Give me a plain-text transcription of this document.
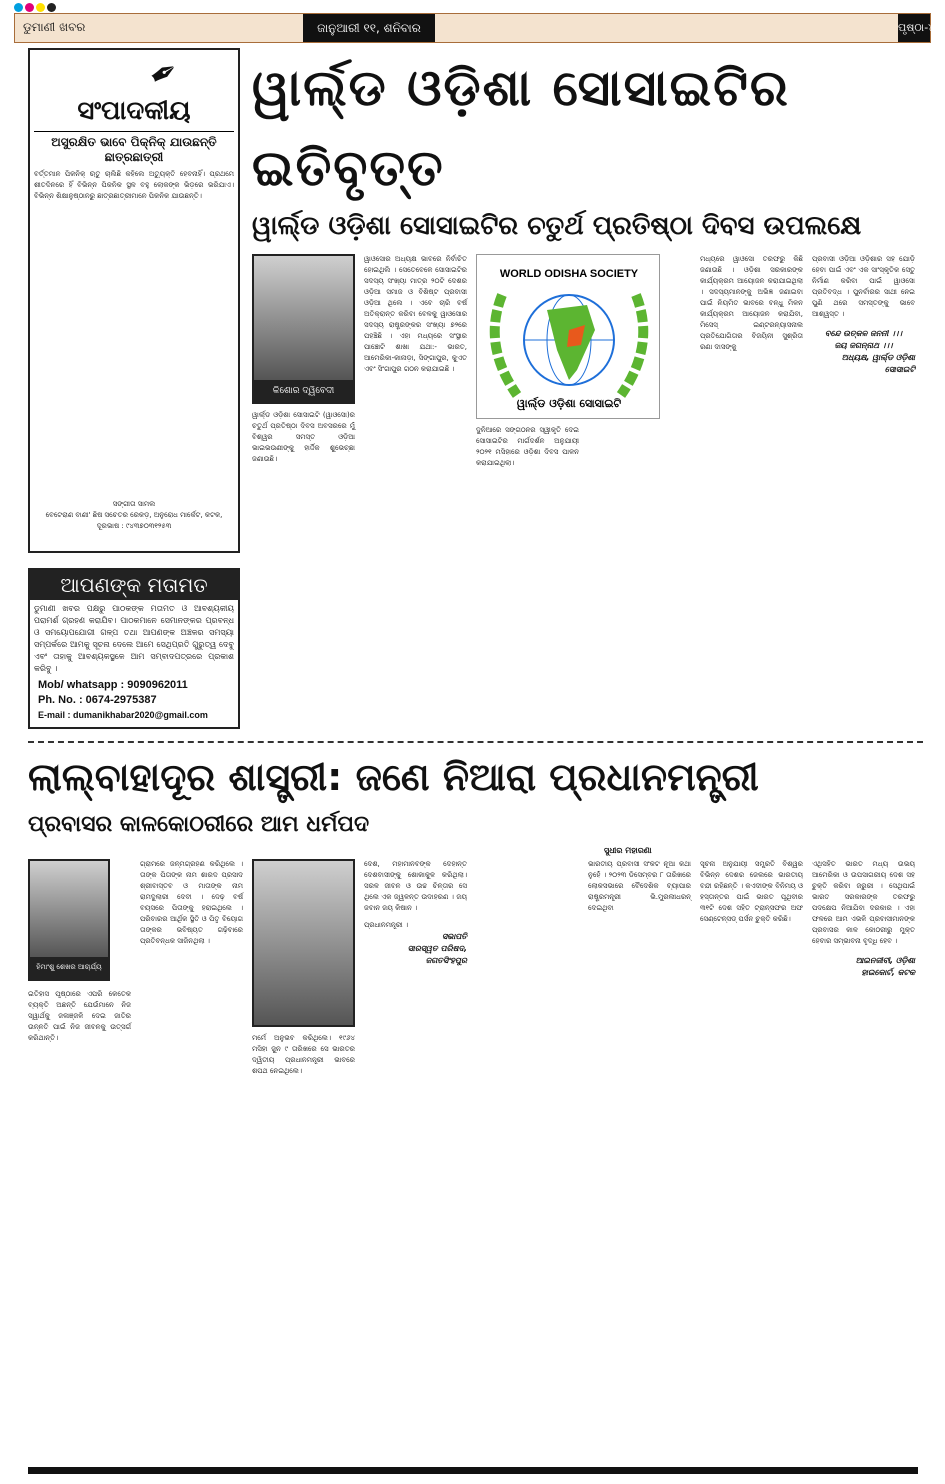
ଡୁମାଣୀ ଖବର	ଜାନୁଆରୀ ୧୧, ଶନିବାର ୨୦୨୫
ପୃଷ୍ଠା-୪
✒
ସଂପାଦକୀୟ
ଅସୁରକ୍ଷିତ ଭାବେ ପିକ୍‌ନିକ୍ ଯାଉଛନ୍ତି ଛାତ୍ରଛାତ୍ରୀ
ବର୍ତ୍ତମାନ ପିକନିକ୍ ଋତୁ ଚାଲିଛି କହିଲେ ଅତ୍ୟୁକ୍ତି ହେବନାହିଁ। ପ୍ରଥମେ ଶୀତଦିନରେ ହିଁ ବିଭିନ୍ନ ପିକନିକ ସ୍ଥଳ ବହୁ ଲୋକଙ୍କ ଭିଡ଼ରେ ଭରିଯାଏ। ବିଭିନ୍ନ ଶିକ୍ଷାନୁଷ୍ଠାନରୁ ଛାତ୍ରଛାତ୍ରୀମାନେ ପିକନିକ ଯାଉଛନ୍ତି।
ସଙ୍ଗୀତା ସାମଲ
ବେଟେରାଣ ବାଣୀ' ଛିଷ ସଚେତର ରେକଡ଼, ଅନୁରୋଧ ମାର୍କେଟ, କଟକ, ଦୂରଭାଷ : ୯୪୩୭୦୩୧୨୫୩
ଆପଣଙ୍କ ମତାମତ
ଡୁମାଣୀ ଖବର ପକ୍ଷରୁ ପାଠକଙ୍କ ମତାମତ ଓ ଆବଶ୍ୟକୀୟ ପରାମର୍ଶ ଗ୍ରହଣ କରାଯିବ। ପାଠକମାନେ ସେମାନଙ୍କର ପ୍ରବନ୍ଧ ଓ ସମୟୋପଯୋଗୀ ଗଳ୍ପ ତଥା ଆପଣଙ୍କ ଅଞ୍ଚଳର ସମସ୍ୟା ସମ୍ପର୍କରେ ଆମକୁ ସୂଚନା ଦେଲେ ଆମେ ସେଥିପ୍ରତି ଗୁରୁତ୍ୱ ଦେବୁ ଏବଂ ତାହାକୁ ଆବଶ୍ୟକସ୍ଥଳେ ଆମ ସମ୍ବାଦପତ୍ରରେ ପ୍ରକାଶ କରିବୁ ।
Mob/ whatsapp : 9090962011
Ph. No. : 0674-2975387
E-mail : dumanikhabar2020@gmail.com
ୱାର୍ଲ୍ଡ ଓଡ଼ିଶା ସୋସାଇଟିର ଇତିବୃତ୍ତ
ୱାର୍ଲ୍ଡ ଓଡ଼ିଶା ସୋସାଇଟିର ଚତୁର୍ଥ ପ୍ରତିଷ୍ଠା ଦିବସ ଉପଲକ୍ଷେ
କିଶୋର ଦ୍ୱିବେଦୀ
ୱାର୍ଲ୍ଡ ଓଡ଼ିଶା ସୋସାଇଟି (ୱାଓସୋ)ର ଚତୁର୍ଥ ପ୍ରତିଷ୍ଠା ଦିବସ ଅବସରରେ ମୁଁ ବିଶ୍ୱର ସମସ୍ତ ଓଡ଼ିଆ ଭାଇଭଉଣୀଙ୍କୁ ହାର୍ଦ୍ଦିକ ଶୁଭେଚ୍ଛା ଜଣାଉଛି।
ୱାଓସୋର ଅଧ୍ୟକ୍ଷ ଭାବରେ ନିର୍ବାଚିତ ହୋଇଥିଲି । ସେତେବେଳେ ସୋସାଇଟିର ସଦସ୍ୟ ସଂଖ୍ୟା ମାତ୍ର ୨୦ଟି ଦେଶର ଓଡ଼ିଆ ସମାଜ ଓ ବିଶିଷ୍ଟ ପ୍ରବାସୀ ଓଡ଼ିଆ ଥିଲେ । ଏବେ ଚାରି ବର୍ଷ ଅତିକ୍ରାନ୍ତ କରିବା ବେଳକୁ ୱାଓସୋର ସଦସ୍ୟ ରାଷ୍ଟ୍ରଙ୍କର ସଂଖ୍ୟା ୭୨ରେ ପହଞ୍ଚିଛି । ଏହା ମଧ୍ୟରେ ସଂସ୍ଥାର ପାଞ୍ଚୋଟି ଶାଖା ଯଥା:- ଭାରତ, ଆମେରିକା-କାନାଡ଼ା, ସିଙ୍ଗାପୁର, କୁଏତ ଏବଂ ସିଂଗାପୁର ଗଠନ କରାଯାଇଛି ।
WORLD ODISHA SOCIETY
ୱାର୍ଲ୍ଡ ଓଡ଼ିଶା ସୋସାଇଟି
ଦୁନିଆରେ ସଙ୍ଗଠନର ସ୍ୱୀକୃତି ଦେଇ ସୋସାଇଟିର ମାର୍ଗଦର୍ଶନ ଅନୁଯାୟୀ ୨୦୨୧ ମସିହାରେ ଓଡ଼ିଶା ଦିବସ ପାଳନ କରାଯାଇଥିଲା।
ମଧ୍ୟରେ ୱାଓସୋ ତରଫରୁ କିଛି ଜଣାଉଛି । ଓଡ଼ିଶା ସରକାରଙ୍କ କାର୍ଯ୍ୟକ୍ରମ ଆୟୋଜନ କରାଯାଇଥିଲା । ସଦସ୍ୟମାନଙ୍କୁ ଅଭିଜ୍ଞ ଜଣାଇବା ପାଇଁ ନିୟମିତ ଭାବରେ ବନ୍ଧୁ ମିଳନ କାର୍ଯ୍ୟକ୍ରମ ଆୟୋଜନ କରାଯିବା, ମିସେସ୍ ଇଣ୍ଟରନ୍ୟାସନାଲ ପ୍ରତିଯୋଗିତାର ବିଜୟିନୀ ସୁଶ୍ରିତା ରଣା ଦାସଙ୍କୁ
ପ୍ରବାସୀ ଓଡ଼ିଆ ଓଡ଼ିଶାର ସହ ଯୋଡ଼ି ହେବା ପାଇଁ ଏବଂ ଏକ ସାଂସ୍କୃତିକ ସେତୁ ନିର୍ମାଣ କରିବା ପାଇଁ ୱାଓସୋ ପ୍ରତିବଦ୍ଧ । ପୁନର୍ବାରର ସାଥୀ ନେଇ ପୁଣି ଥରେ ସମସ୍ତଙ୍କୁ ଭାବେ ଆଶ୍ୱସ୍ତ ।
ବନ୍ଦେ ଉତ୍କଳ ଜନନୀ ।।।
ଜୟ ଜଗନ୍ନାଥ ।।।
ଅଧ୍ୟକ୍ଷ, ୱାର୍ଲ୍ଡ ଓଡ଼ିଶା
ସୋସାଇଟି
ଲାଲ୍‌ବାହାଦୂର ଶାସ୍ତ୍ରୀ: ଜଣେ ନିଆରା ପ୍ରଧାନମନ୍ତ୍ରୀ
ପ୍ରବାସର କାଳକୋଠରୀରେ ଆମ ଧର୍ମପଦ
ସୁଧୀର ମହାରଣା
ହିମାଂଶୁ ଶେଖର ଆଚାର୍ଯ୍ୟ
ଇତିହାସ ପୃଷ୍ଠାରେ ଏପରି କେତେକ ବ୍ୟକ୍ତି ଅଛନ୍ତି ଯେଉଁମାନେ ନିଜ ସ୍ୱାର୍ଥକୁ ଜଳାଞ୍ଜଳି ଦେଇ ଜାତିର ଉନ୍ନତି ପାଇଁ ନିଜ ଜୀବନକୁ ଉତ୍ସର୍ଗ କରିଥାନ୍ତି।
ଗ୍ରାମରେ ଜନ୍ମଗ୍ରହଣ କରିଥିଲେ । ତାଙ୍କ ପିତାଙ୍କ ନାମ ଶାରଦ ପ୍ରସାଦ ଶ୍ରୀବାସ୍ତବ ଓ ମାତାଙ୍କ ନାମ ରାମଦୁଲାରୀ ଦେବୀ । ଦେଢ଼ ବର୍ଷ ବୟସରେ ପିତାଙ୍କୁ ହରାଇଥିଲେ । ପରିବାରର ଆର୍ଥିକ ସ୍ଥିତି ଓ ପିତୃ ବିୟୋଗ ତାଙ୍କର ଭବିଷ୍ୟତ ଗଢ଼ିବାରେ ପ୍ରତିବନ୍ଧକ ସାଜିନଥିଲା ।
ମର୍ମେ ଅନୁଭବ କରିଥିଲେ। ୧୯୬୪ ମସିହା ଜୁନ ୯ ତାରିଖରେ ସେ ଭାରତର ଦ୍ୱିତୀୟ ପ୍ରଧାନମନ୍ତ୍ରୀ ଭାବରେ ଶପଥ ନେଇଥିଲେ।
ଦେଶ, ମହାମାନବଙ୍କ ଦେହାନ୍ତ ଦେଶବାସୀଙ୍କୁ ଶୋକାକୁଳ କରିଥିଲା। ସରଳ ଜୀବନ ଓ ଉଚ୍ଚ ଚିନ୍ତାର ସେ ଥିଲେ ଏକ ଜ୍ୱଳନ୍ତ ଉଦାହରଣ । ଜୟ ଜବାନ ଜୟ କିଷାନ ।
ପ୍ରଧାନମନ୍ତ୍ରୀ ।
ସଭାପତି
ସାରସ୍ୱତ ପରିଷଦ,
ଜଗତସିଂହପୁର
ଭାରତୀୟ ପ୍ରବାସୀ ସଂକଟ ନୂଆ କଥା ନୁହେଁ । ୨୦୨୩ ଡିସେମ୍ବର ୮ ତାରିଖରେ ଲୋକସଭାରେ ବୈଦେଶିକ ବ୍ୟାପାର ରାଷ୍ଟ୍ରମନ୍ତ୍ରୀ ଭି.ମୁରଲୀଧରନ୍ ଦେଇଥିବା
ସୂଚନା ଅନୁଯାୟୀ ସମ୍ପ୍ରତି ବିଶ୍ୱର ବିଭିନ୍ନ ଦେଶର ଜେଲରେ ଭାରତୀୟ ବନ୍ଦୀ ରହିଛନ୍ତି । କଏଦୀଙ୍କ ବିନିମୟ ଓ ହସ୍ତାନ୍ତର ପାଇଁ ଭାରତ ପୃଥିବୀର ୩୧ଟି ଦେଶ ସହିତ ଟ୍ରାନ୍ସଫର ଅଫ ସେଣ୍ଟେନ୍ସଡ୍ ପର୍ସନ ଚୁକ୍ତି କରିଛି।
ଏଥିସହିତ ଭାରତ ମଧ୍ୟ ଉଭୟ ଆମେରିକା ଓ ଉପସାଗରୀୟ ଦେଶ ସହ ଚୁକ୍ତି କରିବା ଜରୁରୀ । ସେଥିପାଇଁ ଭାରତ ସରକାରଙ୍କ ତରଫରୁ ପଦକ୍ଷେପ ନିଆଯିବା ଦରକାର । ଏହା ଫଳରେ ଆମ ଏଭଳି ପ୍ରବାସୀମାନଙ୍କ ପ୍ରବାସର କାଳ କୋଠରୀରୁ ମୁକ୍ତ ହେବାର ସମ୍ଭାବନା ବୃଦ୍ଧି ହେବ ।
ଆଇନଜୀବୀ, ଓଡ଼ିଶା
ହାଇକୋର୍ଟ, କଟକ
